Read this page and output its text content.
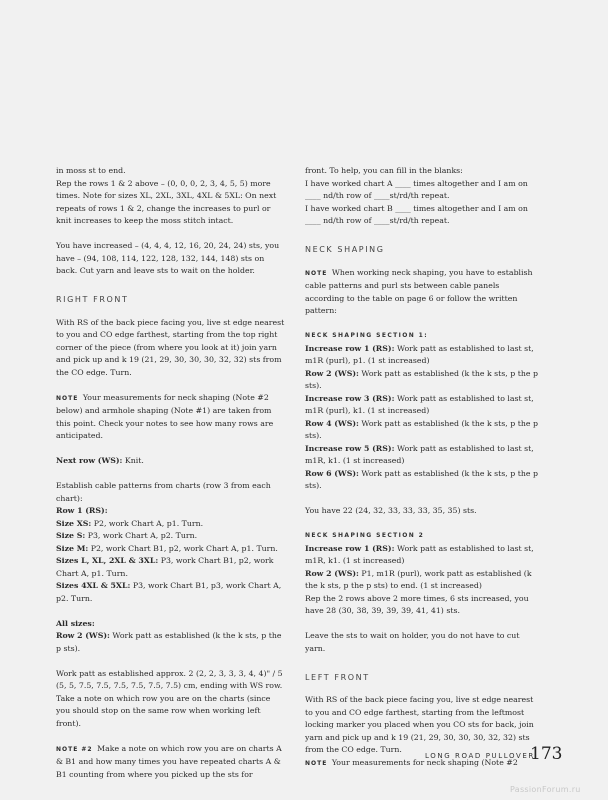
in moss st to end.

Rep the rows 1 & 2 above – (0, 0, 0, 2, 3, 4, 5, 5) more times. Note for sizes XL, 2XL, 3XL, 4XL & 5XL: On next repeats of rows 1 & 2, change the increases to purl or knit increases to keep the moss stitch intact.

You have increased – (4, 4, 4, 12, 16, 20, 24, 24) sts, you have – (94, 108, 114, 122, 128, 132, 144, 148) sts on back. Cut yarn and leave sts to wait on the holder.

RIGHT FRONT

With RS of the back piece facing you, live st edge nearest to you and CO edge farthest, starting from the top right corner of the piece (from where you look at it) join yarn and pick up and k 19 (21, 29, 30, 30, 30, 32, 32) sts from the CO edge. Turn.

NOTE Your measurements for neck shaping (Note #2 below) and armhole shaping (Note #1) are taken from this point. Check your notes to see how many rows are anticipated.

Next row (WS): Knit.

Establish cable patterns from charts (row 3 from each chart):

Row 1 (RS):

Size XS: P2, work Chart A, p1. Turn.

Size S: P3, work Chart A, p2. Turn.

Size M: P2, work Chart B1, p2, work Chart A, p1. Turn.

Sizes L, XL, 2XL & 3XL: P3, work Chart B1, p2, work Chart A, p1. Turn.

Sizes 4XL & 5XL: P3, work Chart B1, p3, work Chart A, p2. Turn.

All sizes:

Row 2 (WS): Work patt as established (k the k sts, p the p sts).

Work patt as established approx. 2 (2, 2, 3, 3, 3, 4, 4)" / 5 (5, 5, 7.5, 7.5, 7.5, 7.5, 7.5, 7.5) cm, ending with WS row. Take a note on which row you are on the charts (since you should stop on the same row when working left front).

NOTE #2 Make a note on which row you are on charts A & B1 and how many times you have repeated charts A & B1 counting from where you picked up the sts for

front. To help, you can fill in the blanks:

I have worked chart A ____ times altogether and I am on ____ nd/th row of ____st/rd/th repeat.

I have worked chart B ____ times altogether and I am on ____ nd/th row of ____st/rd/th repeat.

NECK SHAPING

NOTE When working neck shaping, you have to establish cable patterns and purl sts between cable panels according to the table on page 6 or follow the written pattern:

NECK SHAPING SECTION 1:

Increase row 1 (RS): Work patt as established to last st, m1R (purl), p1. (1 st increased)

Row 2 (WS): Work patt as established (k the k sts, p the p sts).

Increase row 3 (RS): Work patt as established to last st, m1R (purl), k1. (1 st increased)

Row 4 (WS): Work patt as established (k the k sts, p the p sts).

Increase row 5 (RS): Work patt as established to last st, m1R, k1. (1 st increased)

Row 6 (WS): Work patt as established (k the k sts, p the p sts).

You have 22 (24, 32, 33, 33, 33, 35, 35) sts.

NECK SHAPING SECTION 2

Increase row 1 (RS): Work patt as established to last st, m1R, k1. (1 st increased)

Row 2 (WS): P1, m1R (purl), work patt as established (k the k sts, p the p sts) to end. (1 st increased)

Rep the 2 rows above 2 more times, 6 sts increased, you have 28 (30, 38, 39, 39, 39, 41, 41) sts.

Leave the sts to wait on holder, you do not have to cut yarn.

LEFT FRONT

With RS of the back piece facing you, live st edge nearest to you and CO edge farthest, starting from the leftmost locking marker you placed when you CO sts for back, join yarn and pick up and k 19 (21, 29, 30, 30, 30, 32, 32) sts from the CO edge. Turn.

NOTE Your measurements for neck shaping (Note #2

LONG ROAD PULLOVER
173
PassionForum.ru
